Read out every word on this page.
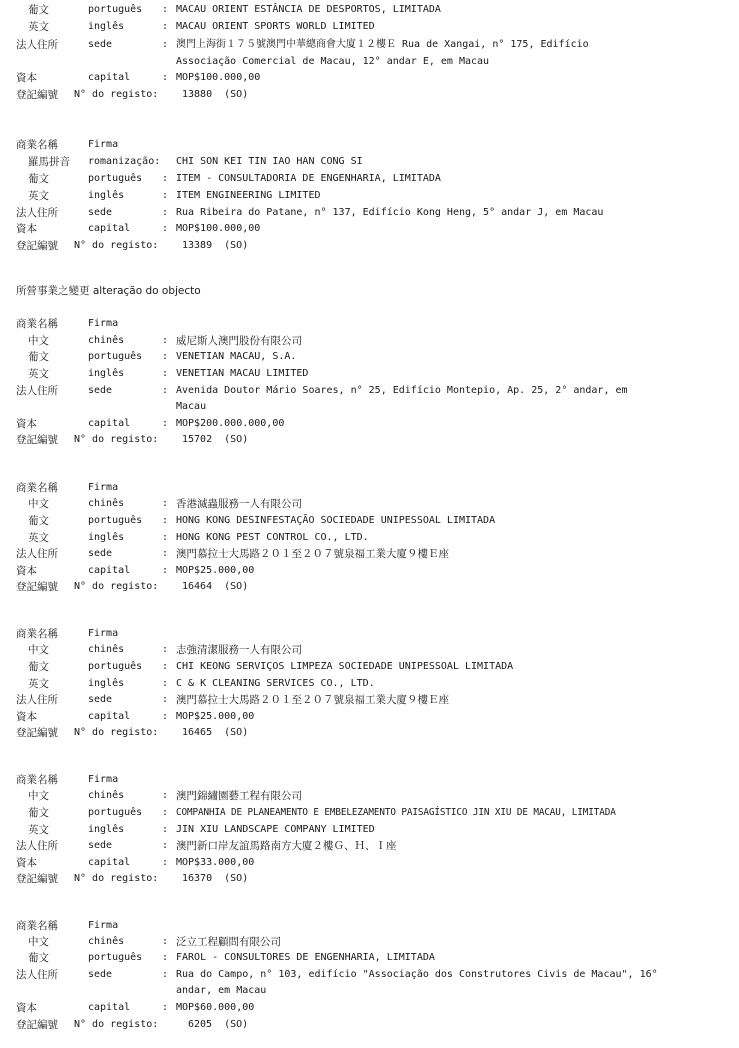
葡文	português : MACAU ORIENT ESTÂNCIA DE DESPORTOS, LIMITADA
英文	inglês	: MACAU ORIENT SPORTS WORLD LIMITED
法人住所	sede	: 澳門上海街１７５號澳門中華總商會大廈１２樓Ｅ Rua de Xangai, n° 175, Edifício
Associação Comercial de Macau, 12° andar E, em Macau
資本	capital	: MOP$100.000,00
登記編號 N° do registo: 13880  (SO)
商業名稱	Firma
羅馬拼音 romanização: CHI SON KEI TIN IAO HAN CONG SI
葡文	português : ITEM - CONSULTADORIA DE ENGENHARIA, LIMITADA
英文	inglês	: ITEM ENGINEERING LIMITED
法人住所	sede	: Rua Ribeira do Patane, n° 137, Edifício Kong Heng, 5° andar J, em Macau
資本	capital	: MOP$100.000,00
登記編號 N° do registo: 13389  (SO)
所營事業之變更 alteração do objecto
商業名稱	Firma
中文	chinês	: 威尼斯人澳門股份有限公司
葡文	português : VENETIAN MACAU, S.A.
英文	inglês	: VENETIAN MACAU LIMITED
法人住所	sede	: Avenida Doutor Mário Soares, n° 25, Edifício Montepio, Ap. 25, 2° andar, em
Macau
資本	capital	: MOP$200.000.000,00
登記編號 N° do registo: 15702  (SO)
商業名稱	Firma
中文	chinês	: 香港滅蟲服務一人有限公司
葡文	português : HONG KONG DESINFESTAÇÃO SOCIEDADE UNIPESSOAL LIMITADA
英文	inglês	: HONG KONG PEST CONTROL CO., LTD.
法人住所	sede	: 澳門慕拉士大馬路２０１至２０７號泉福工業大廈９樓Ｅ座
資本	capital	: MOP$25.000,00
登記編號 N° do registo: 16464  (SO)
商業名稱	Firma
中文	chinês	: 志強清潔服務一人有限公司
葡文	português : CHI KEONG SERVIÇOS LIMPEZA SOCIEDADE UNIPESSOAL LIMITADA
英文	inglês	: C & K CLEANING SERVICES CO., LTD.
法人住所	sede	: 澳門慕拉士大馬路２０１至２０７號泉福工業大廈９樓Ｅ座
資本	capital	: MOP$25.000,00
登記編號 N° do registo: 16465  (SO)
商業名稱	Firma
中文	chinês	: 澳門錦繡園藝工程有限公司
葡文	português : COMPANHIA DE PLANEAMENTO E EMBELEZAMENTO PAISAGÍSTICO JIN XIU DE MACAU, LIMITADA
英文	inglês	: JIN XIU LANDSCAPE COMPANY LIMITED
法人住所	sede	: 澳門新口岸友誼馬路南方大廈２樓Ｇ、Ｈ、Ｉ座
資本	capital	: MOP$33.000,00
登記編號 N° do registo: 16370  (SO)
商業名稱	Firma
中文	chinês	: 泛立工程顧問有限公司
葡文	português : FAROL - CONSULTORES DE ENGENHARIA, LIMITADA
法人住所	sede	: Rua do Campo, n° 103, edifício "Associação dos Construtores Civis de Macau", 16°
andar, em Macau
資本	capital	: MOP$60.000,00
登記編號 N° do registo:	6205  (SO)
